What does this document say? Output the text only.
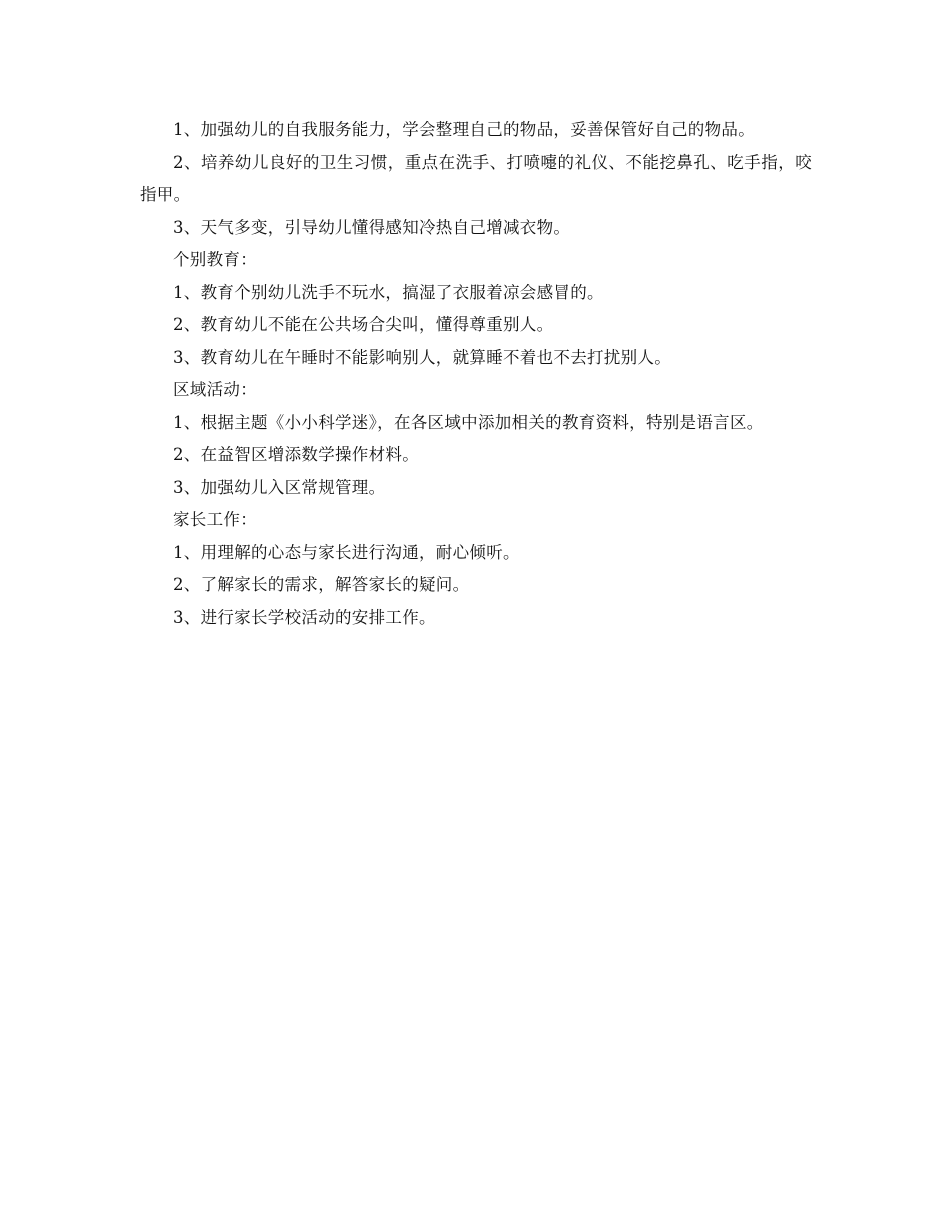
1、加强幼儿的自我服务能力，学会整理自己的物品，妥善保管好自己的物品。

2、培养幼儿良好的卫生习惯，重点在洗手、打喷嚏的礼仪、不能挖鼻孔、吃手指，咬指甲。

3、天气多变，引导幼儿懂得感知冷热自己增减衣物。

个别教育：

1、教育个别幼儿洗手不玩水，搞湿了衣服着凉会感冒的。

2、教育幼儿不能在公共场合尖叫，懂得尊重别人。

3、教育幼儿在午睡时不能影响别人，就算睡不着也不去打扰别人。

区域活动：

1、根据主题《小小科学迷》，在各区域中添加相关的教育资料，特别是语言区。

2、在益智区增添数学操作材料。

3、加强幼儿入区常规管理。

家长工作：

1、用理解的心态与家长进行沟通，耐心倾听。

2、了解家长的需求，解答家长的疑问。

3、进行家长学校活动的安排工作。
